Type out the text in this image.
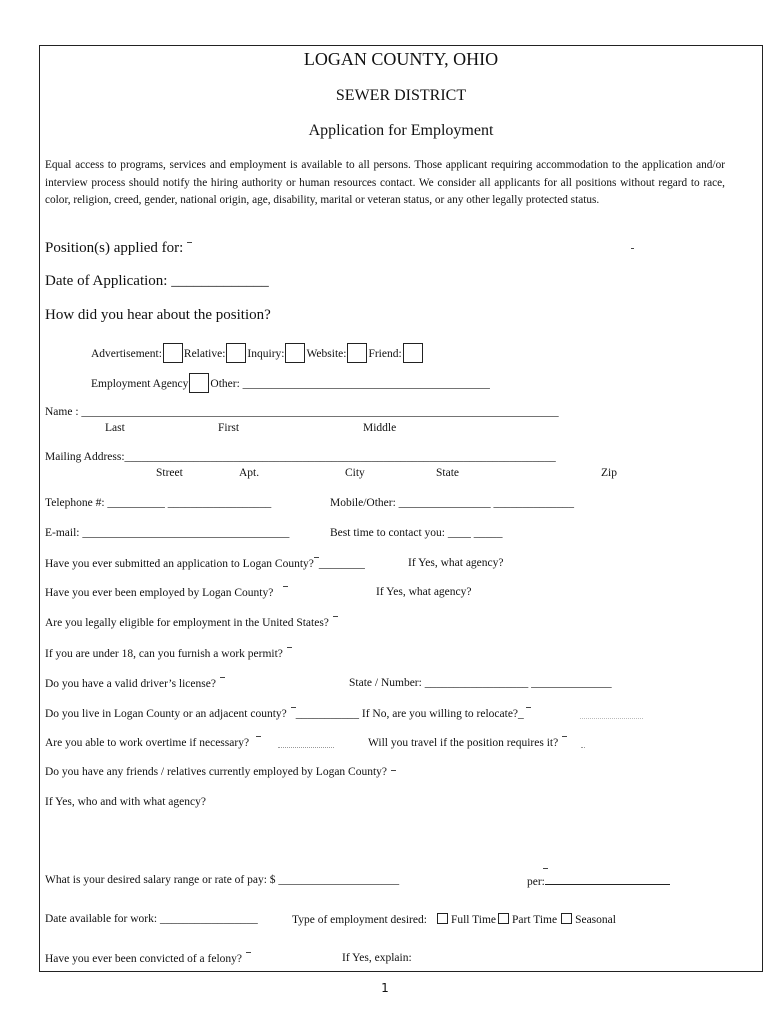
LOGAN COUNTY, OHIO
SEWER DISTRICT
Application for Employment
Equal access to programs, services and employment is available to all persons. Those applicant requiring accommodation to the application and/or interview process should notify the hiring authority or human resources contact. We consider all applicants for all positions without regard to race, color, religion, creed, gender, national origin, age, disability, marital or veteran status, or any other legally protected status.
Position(s) applied for:
Date of Application: _____________
How did you hear about the position?
Advertisement: Relative: Inquiry: Website: Friend:
Employment Agency Other: ___________________________________________
Name : ___________________________________________________________________________________
Last	First	Middle
Mailing Address:___________________________________________________________________________
Street	Apt.	City	State	Zip
Telephone #: __________ __________________	Mobile/Other: ________________ ______________
E-mail: ____________________________________	Best time to contact you: ____ _____
Have you ever submitted an application to Logan County? ________	If Yes, what agency?
Have you ever been employed by Logan County?	If Yes, what agency?
Are you legally eligible for employment in the United States?
If you are under 18, can you furnish a work permit?
Do you have a valid driver’s license?	State / Number: __________________ ______________
Do you live in Logan County or an adjacent county? ___________ If No, are you willing to relocate?_
Are you able to work overtime if necessary?	Will you travel if the position requires it?
Do you have any friends / relatives currently employed by Logan County?
If Yes, who and with what agency?
What is your desired salary range or rate of pay: $ _____________________	per:
Date available for work: _________________	Type of employment desired: Full Time Part Time Seasonal
Have you ever been convicted of a felony?	If Yes, explain:
1
